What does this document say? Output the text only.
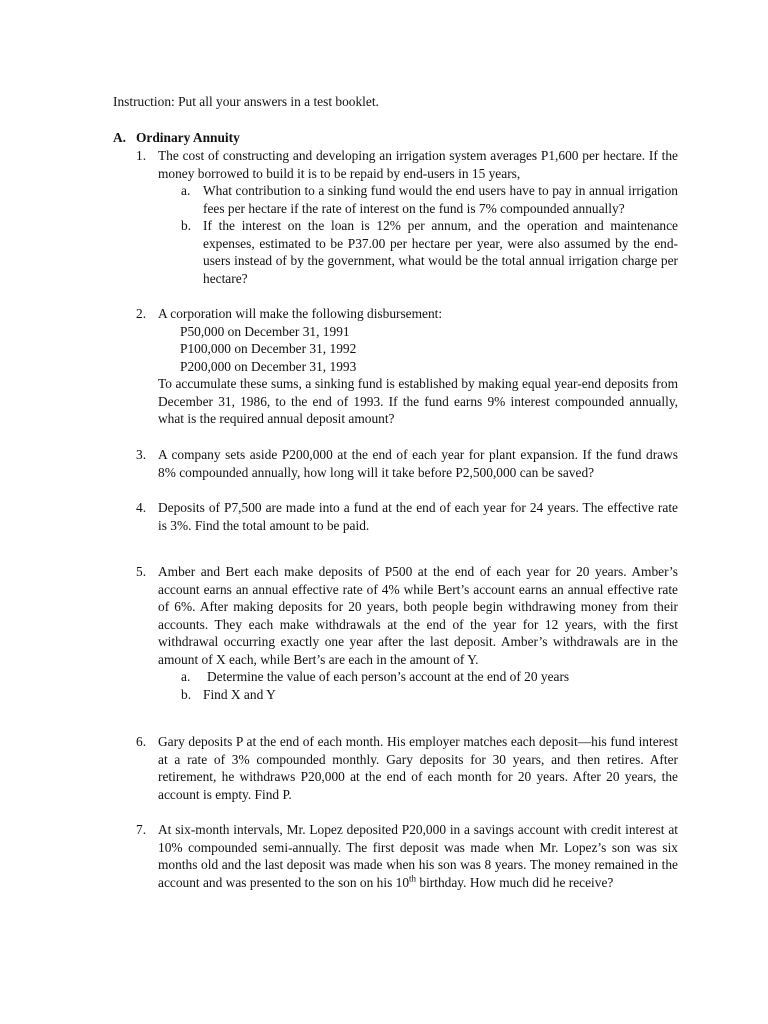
Instruction: Put all your answers in a test booklet.
A. Ordinary Annuity
1. The cost of constructing and developing an irrigation system averages P1,600 per hectare. If the money borrowed to build it is to be repaid by end-users in 15 years,
a. What contribution to a sinking fund would the end users have to pay in annual irrigation fees per hectare if the rate of interest on the fund is 7% compounded annually?
b. If the interest on the loan is 12% per annum, and the operation and maintenance expenses, estimated to be P37.00 per hectare per year, were also assumed by the end-users instead of by the government, what would be the total annual irrigation charge per hectare?
2. A corporation will make the following disbursement:
P50,000 on December 31, 1991
P100,000 on December 31, 1992
P200,000 on December 31, 1993
To accumulate these sums, a sinking fund is established by making equal year-end deposits from December 31, 1986, to the end of 1993. If the fund earns 9% interest compounded annually, what is the required annual deposit amount?
3. A company sets aside P200,000 at the end of each year for plant expansion. If the fund draws 8% compounded annually, how long will it take before P2,500,000 can be saved?
4. Deposits of P7,500 are made into a fund at the end of each year for 24 years. The effective rate is 3%. Find the total amount to be paid.
5. Amber and Bert each make deposits of P500 at the end of each year for 20 years. Amber’s account earns an annual effective rate of 4% while Bert’s account earns an annual effective rate of 6%. After making deposits for 20 years, both people begin withdrawing money from their accounts. They each make withdrawals at the end of the year for 12 years, with the first withdrawal occurring exactly one year after the last deposit. Amber’s withdrawals are in the amount of X each, while Bert’s are each in the amount of Y.
a. Determine the value of each person’s account at the end of 20 years
b. Find X and Y
6. Gary deposits P at the end of each month. His employer matches each deposit—his fund interest at a rate of 3% compounded monthly. Gary deposits for 30 years, and then retires. After retirement, he withdraws P20,000 at the end of each month for 20 years. After 20 years, the account is empty. Find P.
7. At six-month intervals, Mr. Lopez deposited P20,000 in a savings account with credit interest at 10% compounded semi-annually. The first deposit was made when Mr. Lopez’s son was six months old and the last deposit was made when his son was 8 years. The money remained in the account and was presented to the son on his 10th birthday. How much did he receive?
